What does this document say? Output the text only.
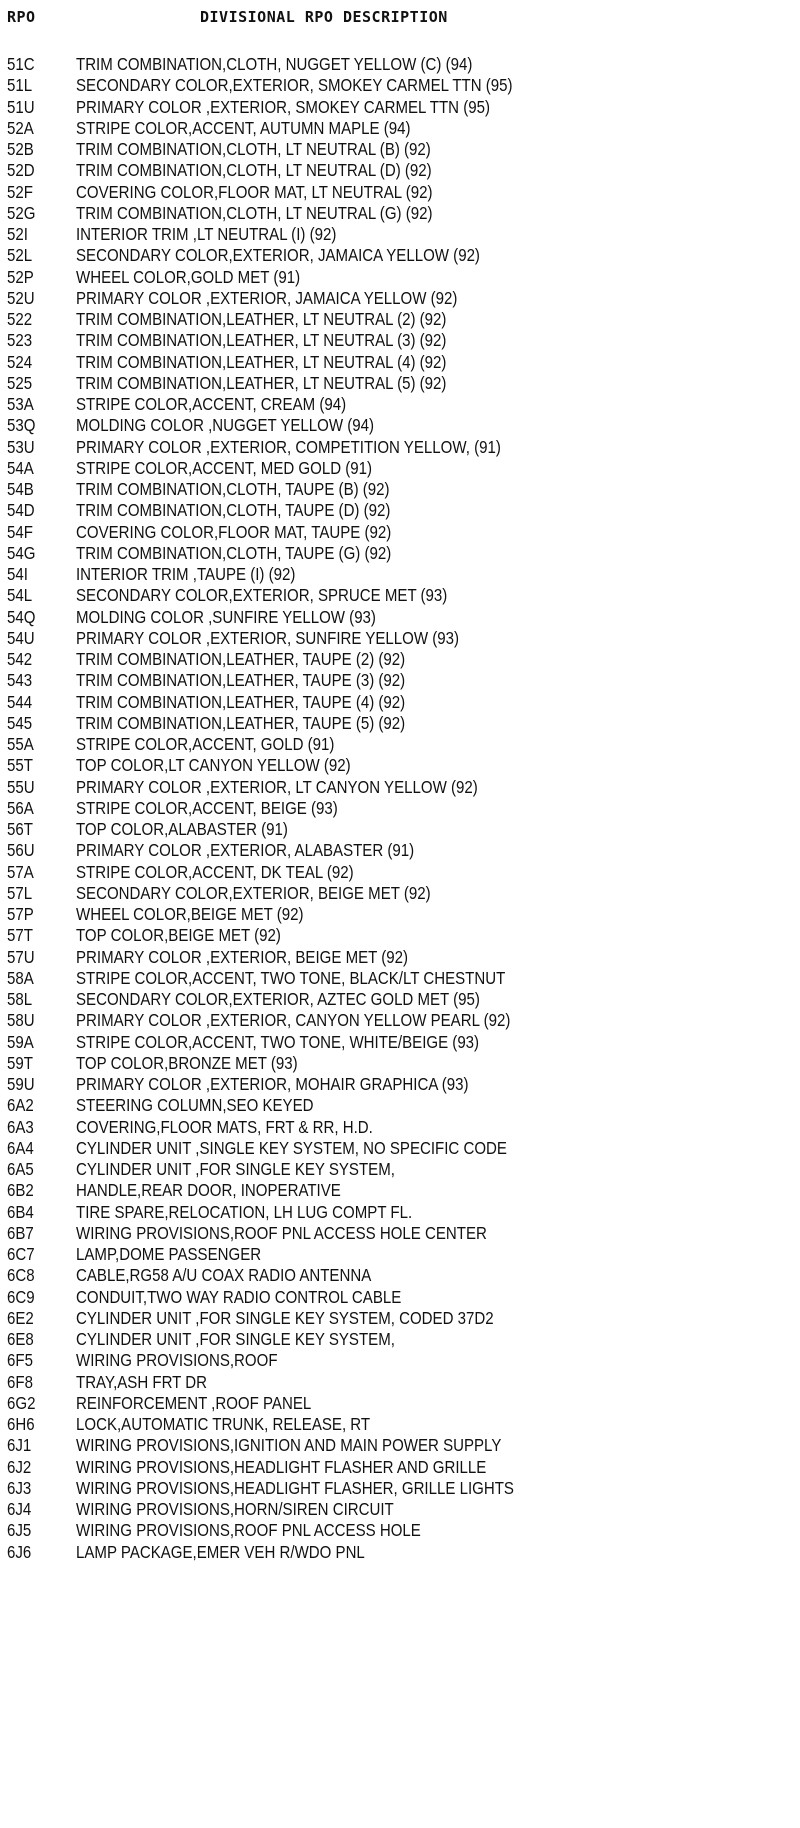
RPO	DIVISIONAL RPO DESCRIPTION
51C	TRIM COMBINATION,CLOTH, NUGGET YELLOW (C) (94)
51L	SECONDARY COLOR,EXTERIOR, SMOKEY CARMEL TTN (95)
51U	PRIMARY COLOR ,EXTERIOR, SMOKEY CARMEL TTN (95)
52A	STRIPE COLOR,ACCENT, AUTUMN MAPLE (94)
52B	TRIM COMBINATION,CLOTH, LT NEUTRAL (B) (92)
52D	TRIM COMBINATION,CLOTH, LT NEUTRAL (D) (92)
52F	COVERING COLOR,FLOOR MAT, LT NEUTRAL (92)
52G	TRIM COMBINATION,CLOTH, LT NEUTRAL (G) (92)
52I	INTERIOR TRIM ,LT NEUTRAL (I) (92)
52L	SECONDARY COLOR,EXTERIOR, JAMAICA YELLOW (92)
52P	WHEEL COLOR,GOLD MET (91)
52U	PRIMARY COLOR ,EXTERIOR, JAMAICA YELLOW (92)
522	TRIM COMBINATION,LEATHER, LT NEUTRAL (2) (92)
523	TRIM COMBINATION,LEATHER, LT NEUTRAL (3) (92)
524	TRIM COMBINATION,LEATHER, LT NEUTRAL (4) (92)
525	TRIM COMBINATION,LEATHER, LT NEUTRAL (5) (92)
53A	STRIPE COLOR,ACCENT, CREAM (94)
53Q	MOLDING COLOR ,NUGGET YELLOW (94)
53U	PRIMARY COLOR ,EXTERIOR, COMPETITION YELLOW, (91)
54A	STRIPE COLOR,ACCENT, MED GOLD (91)
54B	TRIM COMBINATION,CLOTH, TAUPE (B) (92)
54D	TRIM COMBINATION,CLOTH, TAUPE (D) (92)
54F	COVERING COLOR,FLOOR MAT, TAUPE (92)
54G	TRIM COMBINATION,CLOTH, TAUPE (G) (92)
54I	INTERIOR TRIM ,TAUPE (I) (92)
54L	SECONDARY COLOR,EXTERIOR, SPRUCE MET (93)
54Q	MOLDING COLOR ,SUNFIRE YELLOW (93)
54U	PRIMARY COLOR ,EXTERIOR, SUNFIRE YELLOW (93)
542	TRIM COMBINATION,LEATHER, TAUPE (2) (92)
543	TRIM COMBINATION,LEATHER, TAUPE (3) (92)
544	TRIM COMBINATION,LEATHER, TAUPE (4) (92)
545	TRIM COMBINATION,LEATHER, TAUPE (5) (92)
55A	STRIPE COLOR,ACCENT, GOLD (91)
55T	TOP COLOR,LT CANYON YELLOW (92)
55U	PRIMARY COLOR ,EXTERIOR, LT CANYON YELLOW (92)
56A	STRIPE COLOR,ACCENT, BEIGE (93)
56T	TOP COLOR,ALABASTER (91)
56U	PRIMARY COLOR ,EXTERIOR, ALABASTER (91)
57A	STRIPE COLOR,ACCENT, DK TEAL (92)
57L	SECONDARY COLOR,EXTERIOR, BEIGE MET (92)
57P	WHEEL COLOR,BEIGE MET (92)
57T	TOP COLOR,BEIGE MET (92)
57U	PRIMARY COLOR ,EXTERIOR, BEIGE MET (92)
58A	STRIPE COLOR,ACCENT, TWO TONE, BLACK/LT CHESTNUT
58L	SECONDARY COLOR,EXTERIOR, AZTEC GOLD MET (95)
58U	PRIMARY COLOR ,EXTERIOR, CANYON YELLOW PEARL (92)
59A	STRIPE COLOR,ACCENT, TWO TONE, WHITE/BEIGE (93)
59T	TOP COLOR,BRONZE MET (93)
59U	PRIMARY COLOR ,EXTERIOR, MOHAIR GRAPHICA (93)
6A2	STEERING COLUMN,SEO KEYED
6A3	COVERING,FLOOR MATS, FRT & RR, H.D.
6A4	CYLINDER UNIT ,SINGLE KEY SYSTEM, NO SPECIFIC CODE
6A5	CYLINDER UNIT ,FOR SINGLE KEY SYSTEM,
6B2	HANDLE,REAR DOOR, INOPERATIVE
6B4	TIRE SPARE,RELOCATION, LH LUG COMPT FL.
6B7	WIRING PROVISIONS,ROOF PNL ACCESS HOLE CENTER
6C7	LAMP,DOME PASSENGER
6C8	CABLE,RG58 A/U COAX RADIO ANTENNA
6C9	CONDUIT,TWO WAY RADIO CONTROL CABLE
6E2	CYLINDER UNIT ,FOR SINGLE KEY SYSTEM, CODED 37D2
6E8	CYLINDER UNIT ,FOR SINGLE KEY SYSTEM,
6F5	WIRING PROVISIONS,ROOF
6F8	TRAY,ASH FRT DR
6G2	REINFORCEMENT ,ROOF PANEL
6H6	LOCK,AUTOMATIC TRUNK, RELEASE, RT
6J1	WIRING PROVISIONS,IGNITION AND MAIN POWER SUPPLY
6J2	WIRING PROVISIONS,HEADLIGHT FLASHER AND GRILLE
6J3	WIRING PROVISIONS,HEADLIGHT FLASHER, GRILLE LIGHTS
6J4	WIRING PROVISIONS,HORN/SIREN CIRCUIT
6J5	WIRING PROVISIONS,ROOF PNL ACCESS HOLE
6J6	LAMP PACKAGE,EMER VEH R/WDO PNL
